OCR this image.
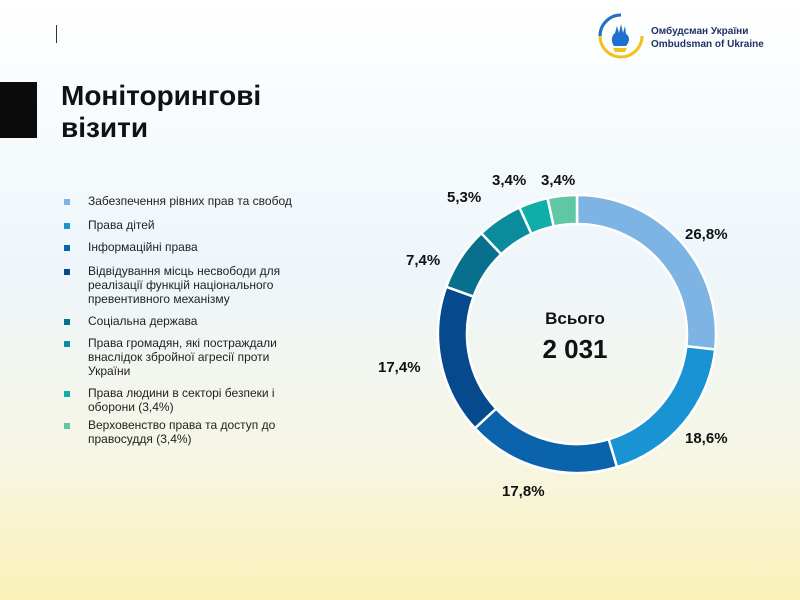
Омбудсман України
Ombudsman of Ukraine
Моніторингові
візити
Забезпечення рівних прав та свобод
Права дітей
Інформаційні права
Відвідування місць несвободи для
реалізації функцій національного
превентивного механізму
Соціальна держава
Права громадян, які постраждали
внаслідок збройної агресії проти
України
Права людини в секторі безпеки і
оборони (3,4%)
Верховенство права та доступ до
правосуддя (3,4%)
Всього
2 031
26,8%
18,6%
17,8%
17,4%
7,4%
5,3%
3,4% 3,4%
